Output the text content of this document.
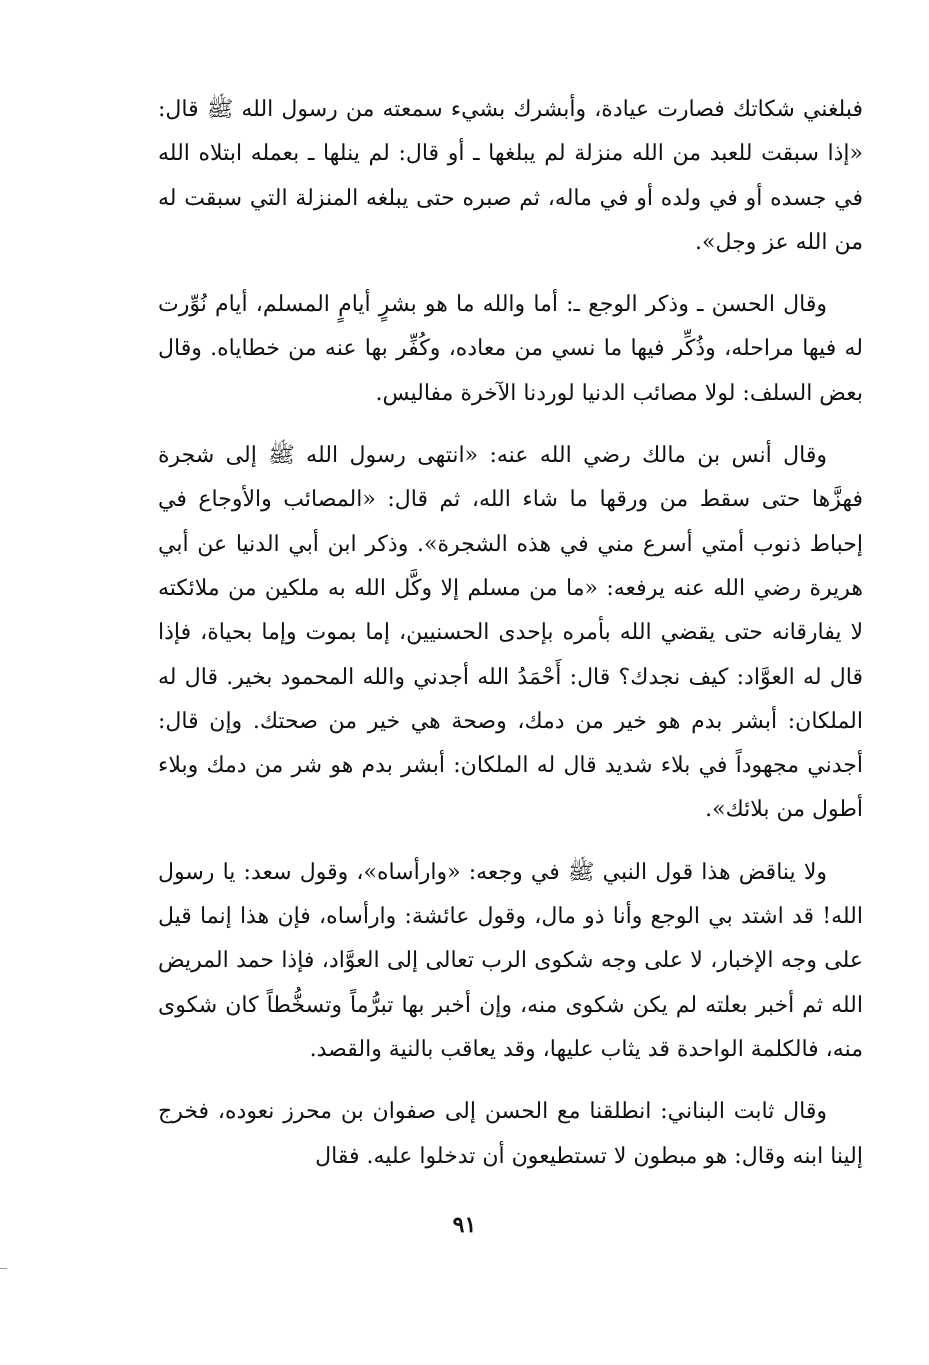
فبلغني شكاتك فصارت عيادة، وأبشرك بشيء سمعته من رسول الله ﷺ قال: «إذا سبقت للعبد من الله منزلة لم يبلغها ـ أو قال: لم ينلها ـ بعمله ابتلاه الله في جسده أو في ولده أو في ماله، ثم صبره حتى يبلغه المنزلة التي سبقت له من الله عز وجل».

وقال الحسن ـ وذكر الوجع ـ: أما والله ما هو بشرٍ أيامٍ المسلم، أيام نُوِّرت له فيها مراحله، وذُكِّر فيها ما نسي من معاده، وكُفِّر بها عنه من خطاياه. وقال بعض السلف: لولا مصائب الدنيا لوردنا الآخرة مفاليس.

وقال أنس بن مالك رضي الله عنه: «انتهى رسول الله ﷺ إلى شجرة فهزَّها حتى سقط من ورقها ما شاء الله، ثم قال: «المصائب والأوجاع في إحباط ذنوب أمتي أسرع مني في هذه الشجرة». وذكر ابن أبي الدنيا عن أبي هريرة رضي الله عنه يرفعه: «ما من مسلم إلا وكَّل الله به ملكين من ملائكته لا يفارقانه حتى يقضي الله بأمره بإحدى الحسنيين، إما بموت وإما بحياة، فإذا قال له العوَّاد: كيف نجدك؟ قال: أَحْمَدُ الله أجدني والله المحمود بخير. قال له الملكان: أبشر بدم هو خير من دمك، وصحة هي خير من صحتك. وإن قال: أجدني مجهوداً في بلاء شديد قال له الملكان: أبشر بدم هو شر من دمك وبلاء أطول من بلائك».

ولا يناقض هذا قول النبي ﷺ في وجعه: «وارأساه»، وقول سعد: يا رسول الله! قد اشتد بي الوجع وأنا ذو مال، وقول عائشة: وارأساه، فإن هذا إنما قيل على وجه الإخبار، لا على وجه شكوى الرب تعالى إلى العوَّاد، فإذا حمد المريض الله ثم أخبر بعلته لم يكن شكوى منه، وإن أخبر بها تبرُّماً وتسخُّطاً كان شكوى منه، فالكلمة الواحدة قد يثاب عليها، وقد يعاقب بالنية والقصد.

وقال ثابت البناني: انطلقنا مع الحسن إلى صفوان بن محرز نعوده، فخرج إلينا ابنه وقال: هو مبطون لا تستطيعون أن تدخلوا عليه. فقال

٩١
